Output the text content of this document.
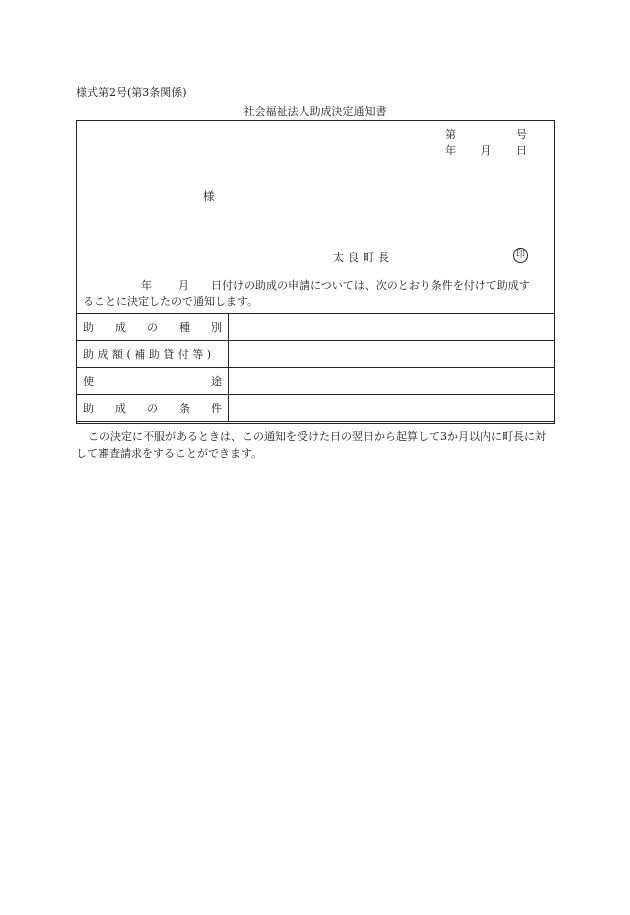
様式第2号(第3条関係)
社会福祉法人助成決定通知書
第	号
年 月 日
様
太良町長	印
年 月 日付けの助成の申請については、次のとおり条件を付けて助成す
ることに決定したので通知します。
助 成 の 種 別	

助成額(補助貸付等)	

使 途	

助 成 の 条 件	

この決定に不服があるときは、この通知を受けた日の翌日から起算して3か月以内に町長に対して審査請求をすることができます。
